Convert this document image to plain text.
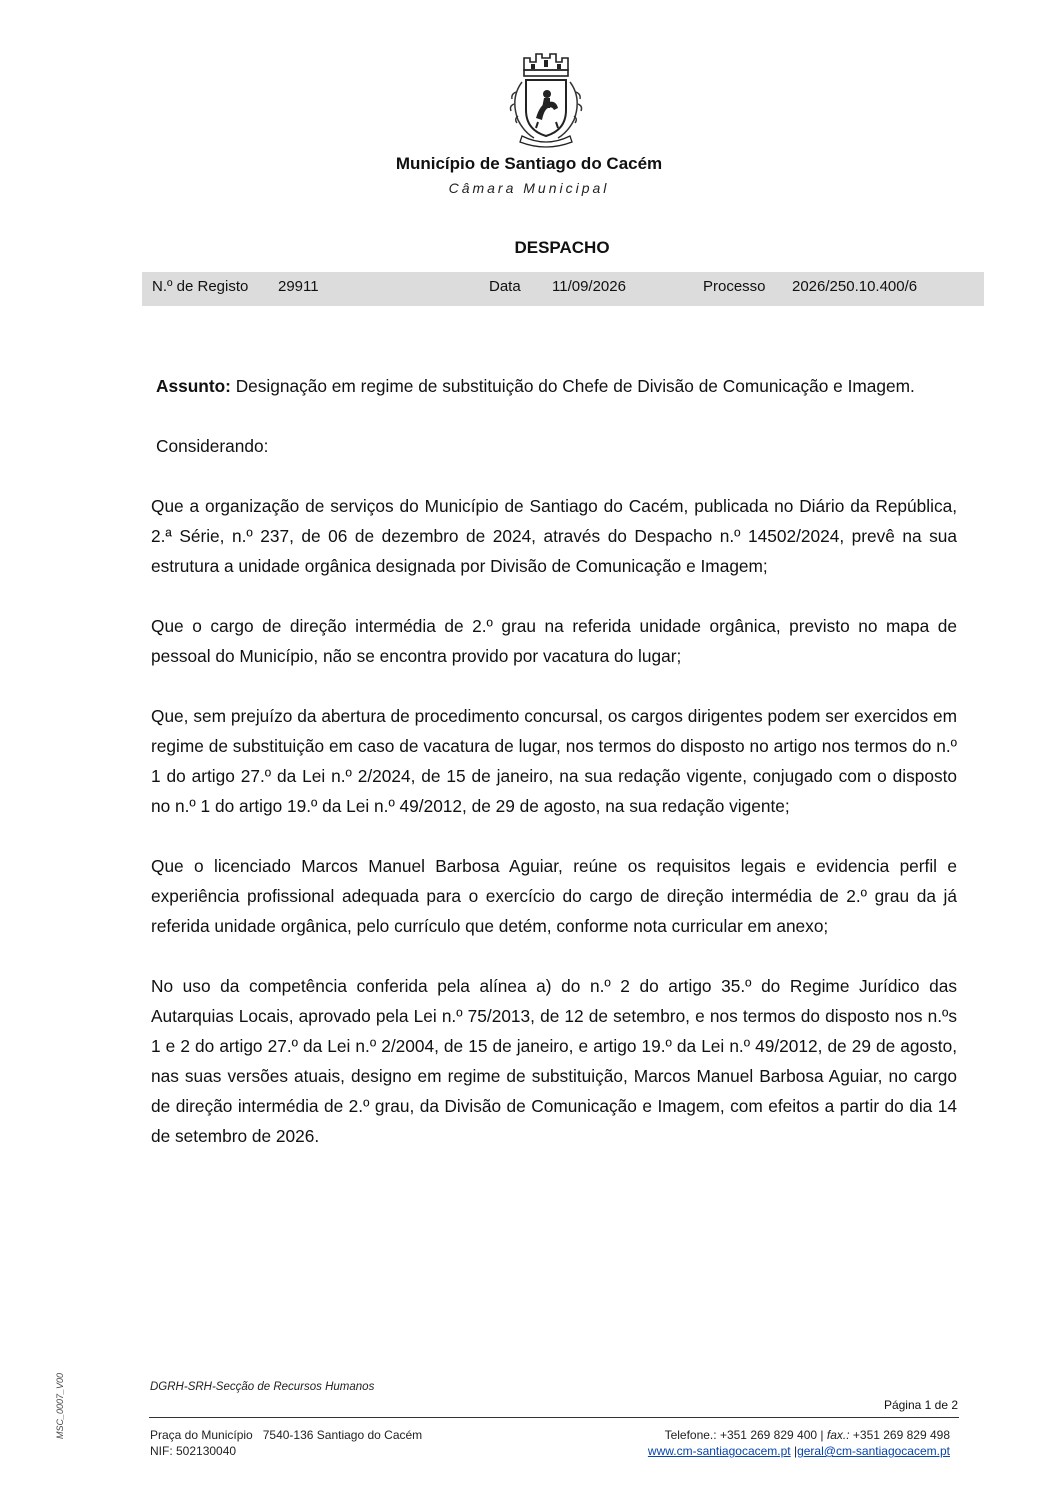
Município de Santiago do Cacém
Câmara Municipal
DESPACHO
N.º de Registo 29911	Data 11/09/2026	Processo 2026/250.10.400/6

Assunto: Designação em regime de substituição do Chefe de Divisão de Comunicação e Imagem.

Considerando:

Que a organização de serviços do Município de Santiago do Cacém, publicada no Diário da República, 2.ª Série, n.º 237, de 06 de dezembro de 2024, através do Despacho n.º 14502/2024, prevê na sua estrutura a unidade orgânica designada por Divisão de Comunicação e Imagem;

Que o cargo de direção intermédia de 2.º grau na referida unidade orgânica, previsto no mapa de pessoal do Município, não se encontra provido por vacatura do lugar;

Que, sem prejuízo da abertura de procedimento concursal, os cargos dirigentes podem ser exercidos em regime de substituição em caso de vacatura de lugar, nos termos do disposto no artigo nos termos do n.º 1 do artigo 27.º da Lei n.º 2/2024, de 15 de janeiro, na sua redação vigente, conjugado com o disposto no n.º 1 do artigo 19.º da Lei n.º 49/2012, de 29 de agosto, na sua redação vigente;

Que o licenciado Marcos Manuel Barbosa Aguiar, reúne os requisitos legais e evidencia perfil e experiência profissional adequada para o exercício do cargo de direção intermédia de 2.º grau da já referida unidade orgânica, pelo currículo que detém, conforme nota curricular em anexo;

No uso da competência conferida pela alínea a) do n.º 2 do artigo 35.º do Regime Jurídico das Autarquias Locais, aprovado pela Lei n.º 75/2013, de 12 de setembro, e nos termos do disposto nos n.ºs 1 e 2 do artigo 27.º da Lei n.º 2/2004, de 15 de janeiro, e artigo 19.º da Lei n.º 49/2012, de 29 de agosto, nas suas versões atuais, designo em regime de substituição, Marcos Manuel Barbosa Aguiar, no cargo de direção intermédia de 2.º grau, da Divisão de Comunicação e Imagem, com efeitos a partir do dia 14 de setembro de 2026.

MSC_0007_V00	DGRH-SRH-Secção de Recursos Humanos
Página 1 de 2
Praça do Município 7540-136 Santiago do Cacém
NIF: 502130040
Telefone.: +351 269 829 400 | fax.: +351 269 829 498
www.cm-santiagocacem.pt |geral@cm-santiagocacem.pt
